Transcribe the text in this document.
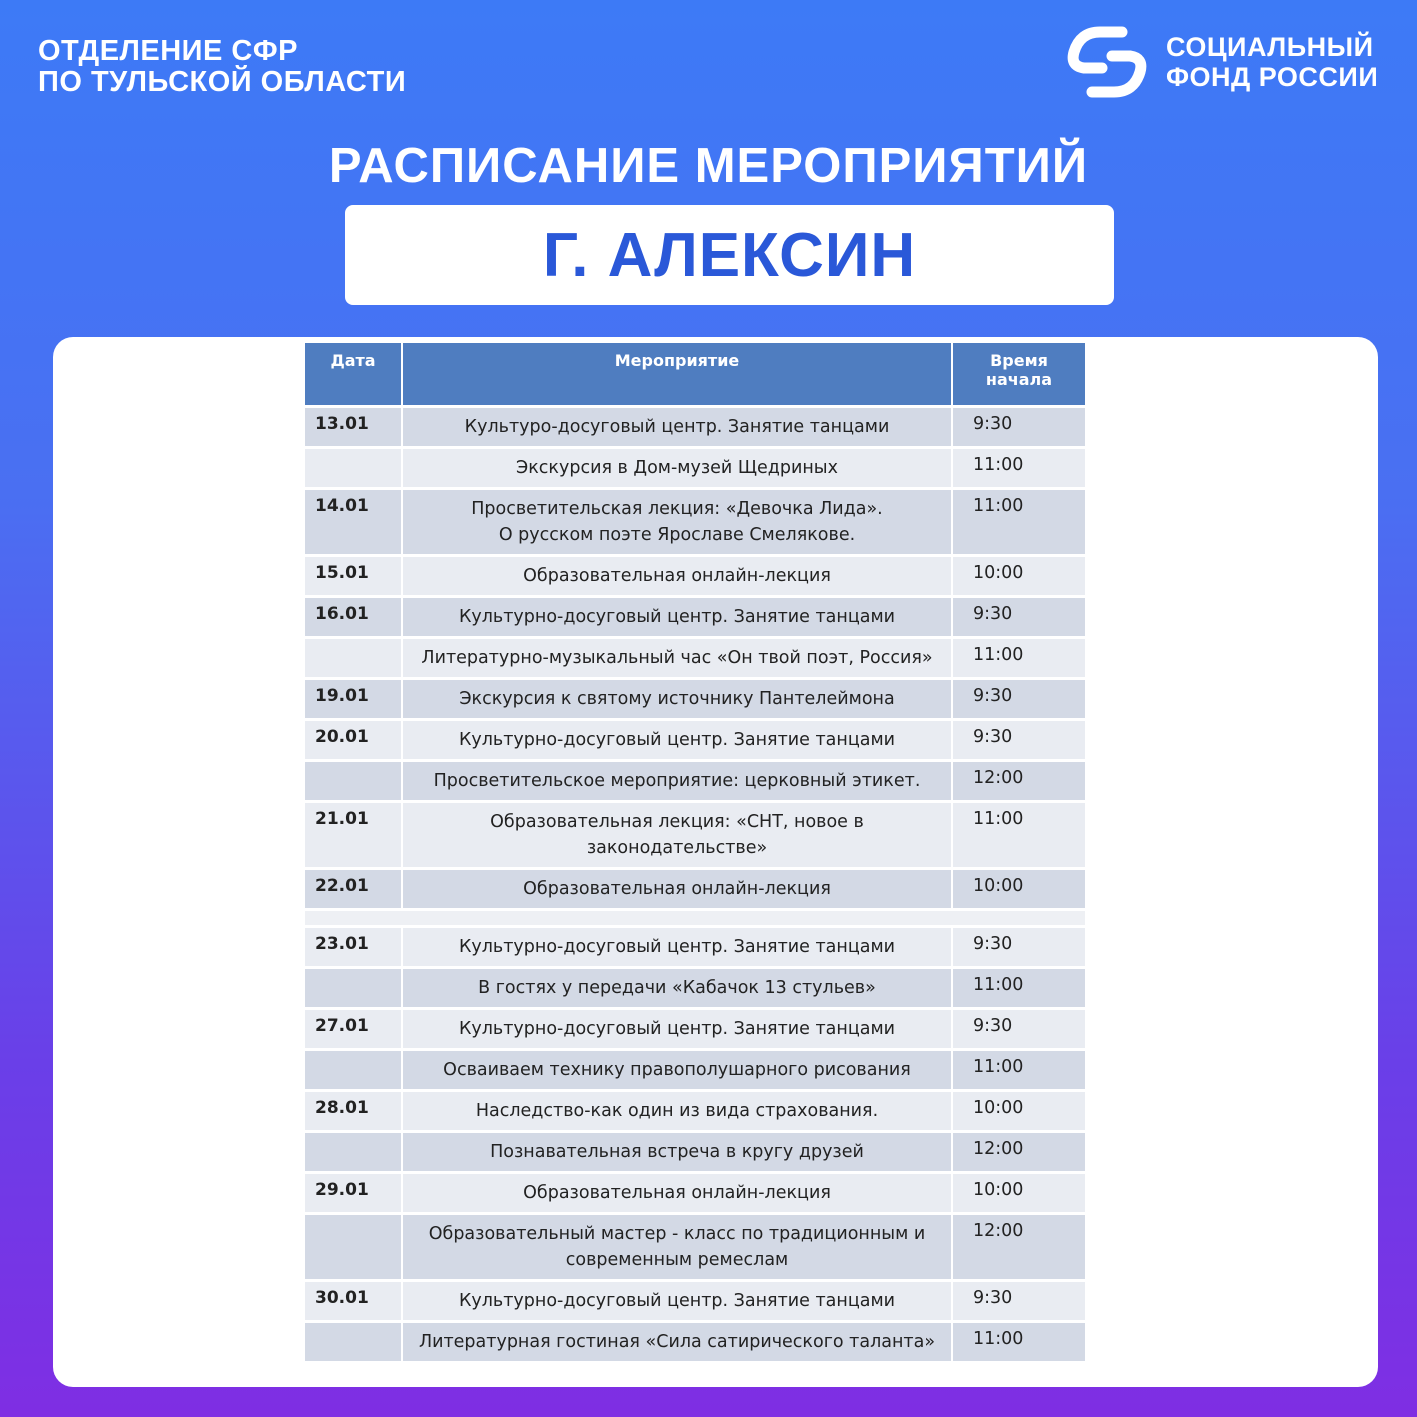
ОТДЕЛЕНИЕ СФР
ПО ТУЛЬСКОЙ ОБЛАСТИ
СОЦИАЛЬНЫЙ
ФОНД РОССИИ
РАСПИСАНИЕ МЕРОПРИЯТИЙ
Г. АЛЕКСИН
Дата	Мероприятие	Время
начала

13.01	Культуро-досуговый центр. Занятие танцами	9:30

	Экскурсия в Дом-музей Щедриных	11:00
14.01	Просветительская лекция: «Девочка Лида».
О русском поэте Ярославе Смелякове.	11:00
15.01	Образовательная онлайн-лекция	10:00
16.01	Культурно-досуговый центр. Занятие танцами	9:30

	Литературно-музыкальный час «Он твой поэт, Россия»	11:00
19.01	Экскурсия к святому источнику Пантелеймона	9:30
20.01	Культурно-досуговый центр. Занятие танцами	9:30

	Просветительское мероприятие: церковный этикет.	12:00
21.01	Образовательная лекция: «СНТ, новое в
законодательстве»	11:00
22.01	Образовательная онлайн-лекция	10:00

23.01	Культурно-досуговый центр. Занятие танцами	9:30

	В гостях у передачи «Кабачок 13 стульев»	11:00
27.01	Культурно-досуговый центр. Занятие танцами	9:30

	Осваиваем технику правополушарного рисования	11:00
28.01	Наследство-как один из вида страхования.	10:00

	Познавательная встреча в кругу друзей	12:00
29.01	Образовательная онлайн-лекция	10:00

	Образовательный мастер - класс по традиционным и
современным ремеслам	12:00
30.01	Культурно-досуговый центр. Занятие танцами	9:30

	Литературная гостиная «Сила сатирического таланта»	11:00
